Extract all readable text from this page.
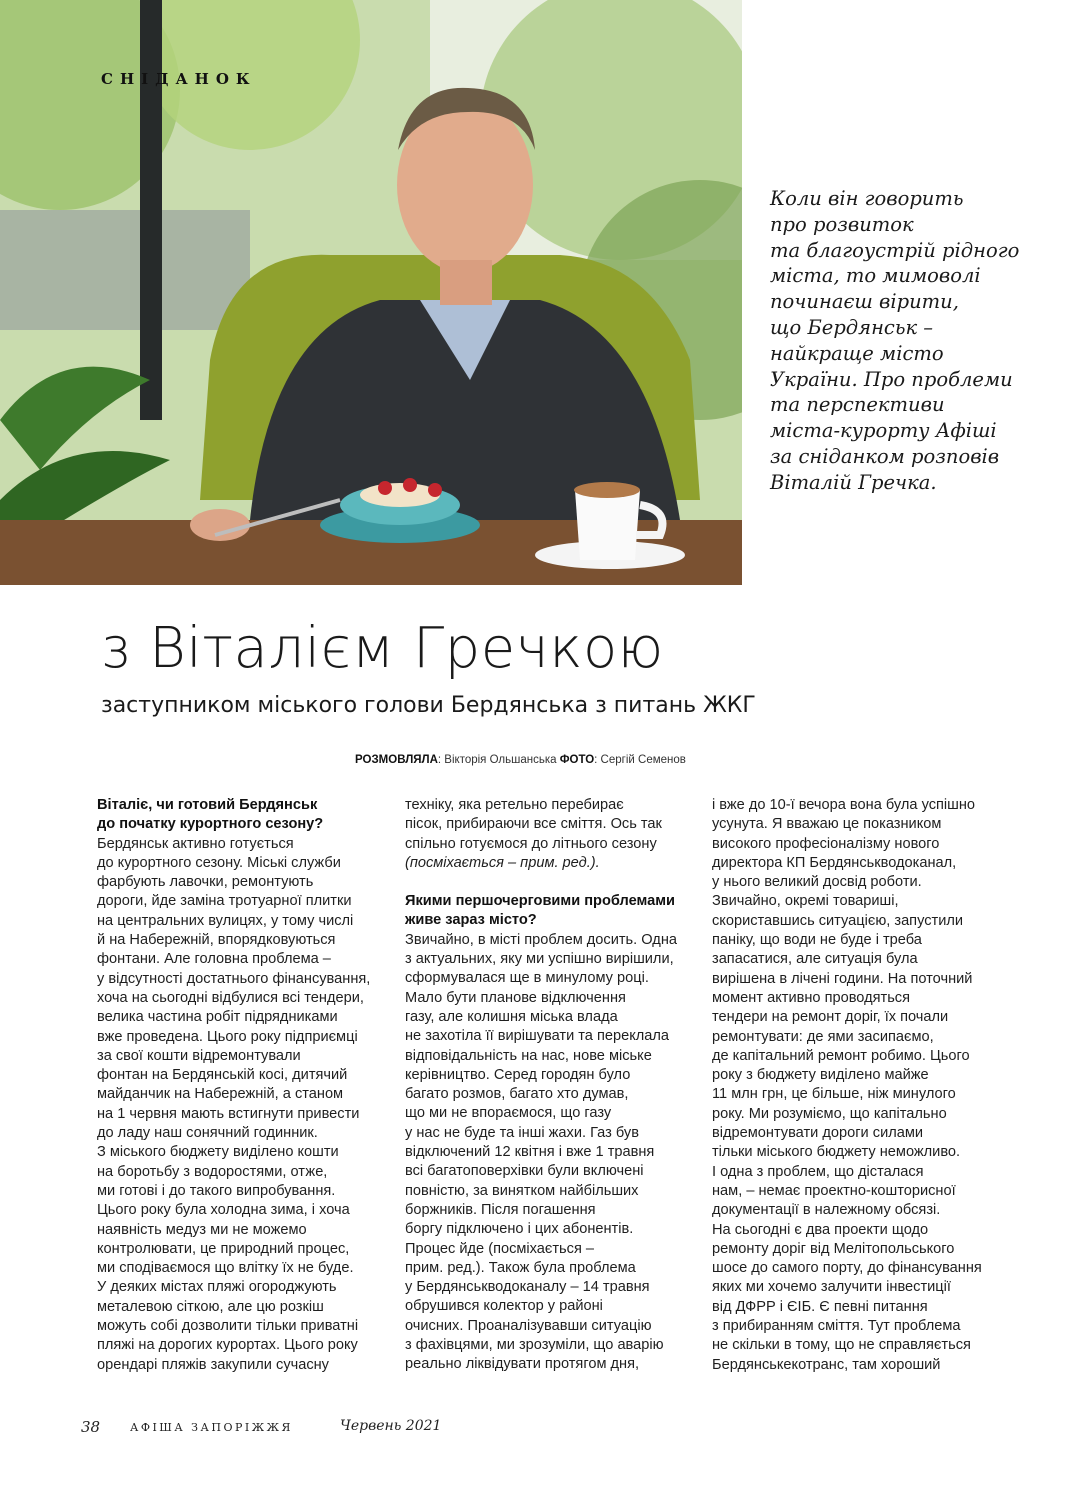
СНІДАНОК
Коли він говорить
про розвиток
та благоустрій рідного
міста, то мимоволі
починаєш вірити,
що Бердянськ –
найкраще місто
України. Про проблеми
та перспективи
міста-курорту Афіші
за сніданком розповів
Віталій Гречка.
з Віталієм Гречкою
заступником міського голови Бердянська з питань ЖКГ
РОЗМОВЛЯЛА: Вікторія Ольшанська ФОТО: Сергій Семенов

Віталіє, чи готовий Бердянськ

до початку курортного сезону?

Бердянськ активно готується

до курортного сезону. Міські служби

фарбують лавочки, ремонтують

дороги, йде заміна тротуарної плитки

на центральних вулицях, у тому числі

й на Набережній, впорядковуються

фонтани. Але головна проблема –

у відсутності достатнього фінансування,

хоча на сьогодні відбулися всі тендери,

велика частина робіт підрядниками

вже проведена. Цього року підприємці

за свої кошти відремонтували

фонтан на Бердянській косі, дитячий

майданчик на Набережній, а станом

на 1 червня мають встигнути привести

до ладу наш сонячний годинник.

З міського бюджету виділено кошти

на боротьбу з водоростями, отже,

ми готові і до такого випробування.

Цього року була холодна зима, і хоча

наявність медуз ми не можемо

контролювати, це природний процес,

ми сподіваємося що влітку їх не буде.

У деяких містах пляжі огороджують

металевою сіткою, але цю розкіш

можуть собі дозволити тільки приватні

пляжі на дорогих курортах. Цього року

орендарі пляжів закупили сучасну

техніку, яка ретельно перебирає

пісок, прибираючи все сміття. Ось так

спільно готуємося до літнього сезону

(посміхається – прим. ред.).

Якими першочерговими проблемами

живе зараз місто?

Звичайно, в місті проблем досить. Одна

з актуальних, яку ми успішно вирішили,

сформувалася ще в минулому році.

Мало бути планове відключення

газу, але колишня міська влада

не захотіла її вирішувати та переклала

відповідальність на нас, нове міське

керівництво. Серед городян було

багато розмов, багато хто думав,

що ми не впораємося, що газу

у нас не буде та інші жахи. Газ був

відключений 12 квітня і вже 1 травня

всі багатоповерхівки були включені

повністю, за винятком найбільших

боржників. Після погашення

боргу підключено і цих абонентів.

Процес йде (посміхається –

прим. ред.). Також була проблема

у Бердянськводоканалу – 14 травня

обрушився колектор у районі

очисних. Проаналізувавши ситуацію

з фахівцями, ми зрозуміли, що аварію

реально ліквідувати протягом дня,

і вже до 10-ї вечора вона була успішно

усунута. Я вважаю це показником

високого професіоналізму нового

директора КП Бердянськводоканал,

у нього великий досвід роботи.

Звичайно, окремі товариші,

скориставшись ситуацією, запустили

паніку, що води не буде і треба

запасатися, але ситуація була

вирішена в лічені години. На поточний

момент активно проводяться

тендери на ремонт доріг, їх почали

ремонтувати: де ями засипаємо,

де капітальний ремонт робимо. Цього

року з бюджету виділено майже

11 млн грн, це більше, ніж минулого

року. Ми розуміємо, що капітально

відремонтувати дороги силами

тільки міського бюджету неможливо.

І одна з проблем, що дісталася

нам, – немає проектно-кошторисної

документації в належному обсязі.

На сьогодні є два проекти щодо

ремонту доріг від Мелітопольського

шосе до самого порту, до фінансування

яких ми хочемо залучити інвестиції

від ДФРР і ЄІБ. Є певні питання

з прибиранням сміття. Тут проблема

не скільки в тому, що не справляється

Бердянськекотранс, там хороший

38	АФІША ЗАПОРІЖЖЯ	Червень 2021
